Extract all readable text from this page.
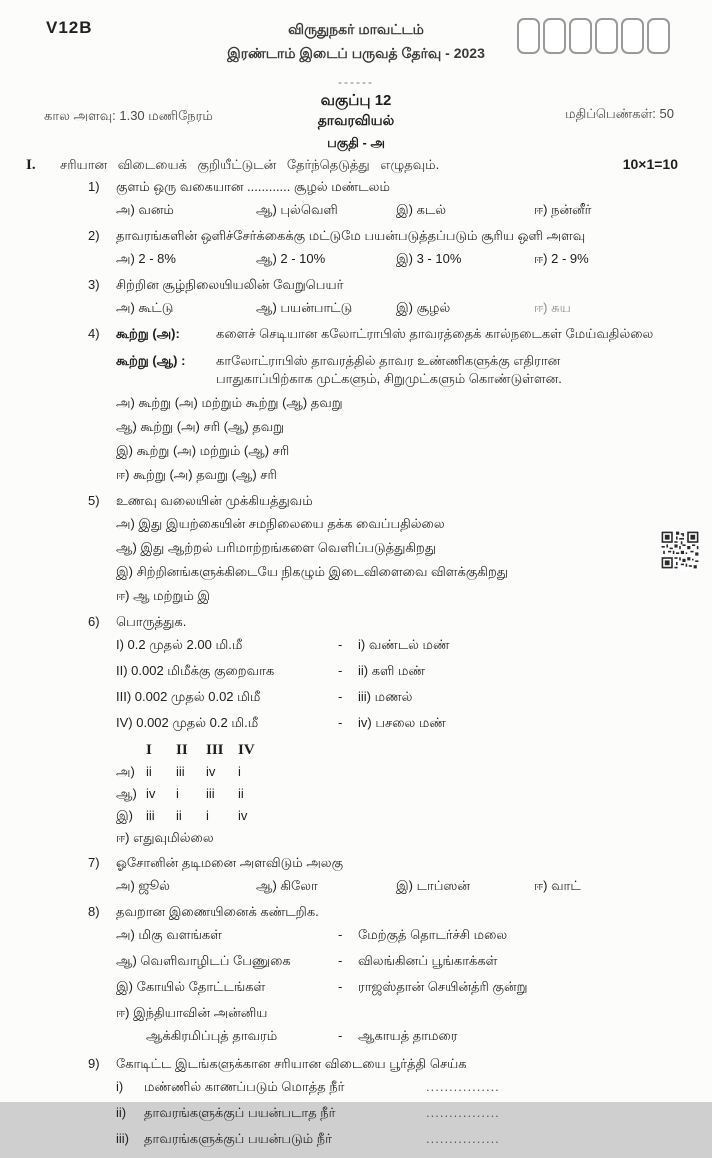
V12B	விருதுநகர் மாவட்டம்
இரண்டாம் இடைப் பருவத் தேர்வு - 2023
------
வகுப்பு 12
கால அளவு: 1.30 மணிநேரம்	தாவரவியல்	மதிப்பெண்கள்: 50
பகுதி - அ
I.	சரியான விடையைக் குறியீட்டுடன் தேர்ந்தெடுத்து எழுதவும்.	10×1=10
1)	குளம் ஒரு வகையான ............ சூழல் மண்டலம்
அ) வனம்	ஆ) புல்வெளி	இ) கடல்	ஈ) நன்னீர்
2)	தாவரங்களின் ஒளிச்சேர்க்கைக்கு மட்டுமே பயன்படுத்தப்படும் சூரிய ஒளி அளவு
அ) 2 - 8%	ஆ) 2 - 10%	இ) 3 - 10%	ஈ) 2 - 9%
3)	சிற்றின சூழ்நிலையியலின் வேறுபெயர்
அ) கூட்டு	ஆ) பயன்பாட்டு	இ) சூழல்	ஈ) சுய
4)	கூற்று (அ):	களைச் செடியான கலோட்ராபிஸ் தாவரத்தைக் கால்நடைகள் மேய்வதில்லை
கூற்று (ஆ) :	காலோட்ராபிஸ் தாவரத்தில் தாவர உண்ணிகளுக்கு எதிரான பாதுகாப்பிற்காக முட்களும், சிறுமுட்களும் கொண்டுள்ளன.
அ) கூற்று (அ) மற்றும் கூற்று (ஆ) தவறு
ஆ) கூற்று (அ) சரி (ஆ) தவறு
இ) கூற்று (அ) மற்றும் (ஆ) சரி
ஈ) கூற்று (அ) தவறு (ஆ) சரி
5)	உணவு வலையின் முக்கியத்துவம்
அ) இது இயற்கையின் சமநிலையை தக்க வைப்பதில்லை
ஆ) இது ஆற்றல் பரிமாற்றங்களை வெளிப்படுத்துகிறது
இ) சிற்றினங்களுக்கிடையே நிகழும் இடைவிளைவை விளக்குகிறது
ஈ) ஆ மற்றும் இ
6)	பொருத்துக.
I) 0.2 முதல் 2.00 மி.மீ	-	i) வண்டல் மண்
II) 0.002 மிமீக்கு குறைவாக	-	ii) களி மண்
III) 0.002 முதல் 0.02 மிமீ	-	iii) மணல்
IV) 0.002 முதல் 0.2 மி.மீ	-	iv) பசலை மண்
I	II	III IV
அ) ii	iii	iv	i
ஆ) iv	i	iii	ii
இ)	iii	ii	i	iv
ஈ) எதுவுமில்லை
7)	ஓசோனின் தடிமனை அளவிடும் அலகு
அ) ஜூல்	ஆ) கிலோ	இ) டாப்ஸன்	ஈ) வாட்
8)	தவறான இணையினைக் கண்டறிக.
அ) மிகு வளங்கள்	-	மேற்குத் தொடர்ச்சி மலை
ஆ) வெளிவாழிடப் பேணுகை	-	விலங்கினப் பூங்காக்கள்
இ) கோயில் தோட்டங்கள்	-	ராஜஸ்தான் செயின்த்ரி குன்று
ஈ) இந்தியாவின் அன்னிய
ஆக்கிரமிப்புத் தாவரம்	-	ஆகாயத் தாமரை
9)	கோடிட்ட இடங்களுக்கான சரியான விடையை பூர்த்தி செய்க
i)	மண்ணில் காணப்படும் மொத்த நீர்	................
ii)	தாவரங்களுக்குப் பயன்படாத நீர்	................
iii)	தாவரங்களுக்குப் பயன்படும் நீர்	................
